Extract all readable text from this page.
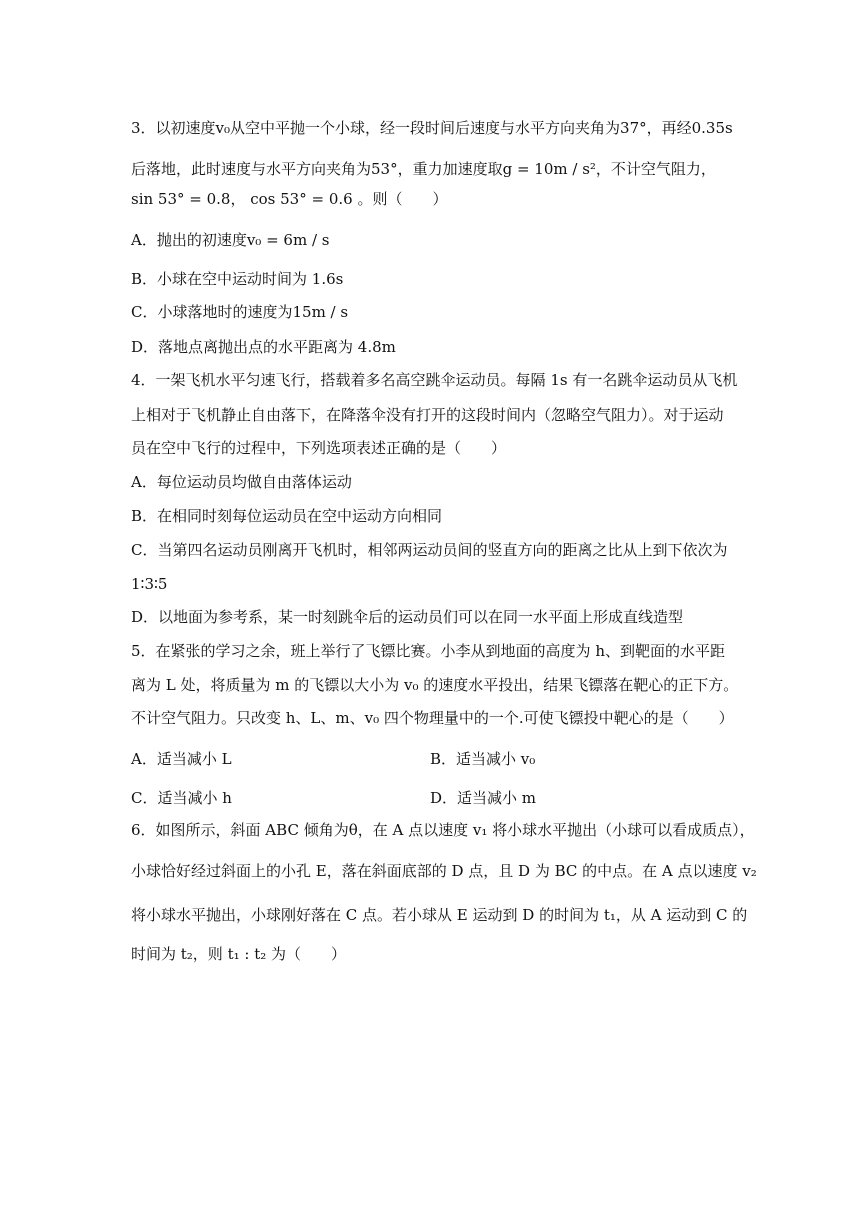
3．以初速度v₀从空中平抛一个小球，经一段时间后速度与水平方向夹角为37°，再经0.35s
后落地，此时速度与水平方向夹角为53°，重力加速度取g = 10m / s²，不计空气阻力，
sin 53° = 0.8， cos 53° = 0.6 。则（　　）
A．抛出的初速度v₀ = 6m / s
B．小球在空中运动时间为 1.6s
C．小球落地时的速度为15m / s
D．落地点离抛出点的水平距离为 4.8m
4．一架飞机水平匀速飞行，搭载着多名高空跳伞运动员。每隔 1s 有一名跳伞运动员从飞机
上相对于飞机静止自由落下，在降落伞没有打开的这段时间内（忽略空气阻力）。对于运动
员在空中飞行的过程中，下列选项表述正确的是（　　）
A．每位运动员均做自由落体运动
B．在相同时刻每位运动员在空中运动方向相同
C．当第四名运动员刚离开飞机时，相邻两运动员间的竖直方向的距离之比从上到下依次为
1∶3∶5
D．以地面为参考系，某一时刻跳伞后的运动员们可以在同一水平面上形成直线造型
5．在紧张的学习之余，班上举行了飞镖比赛。小李从到地面的高度为 h、到靶面的水平距
离为 L 处，将质量为 m 的飞镖以大小为 v₀ 的速度水平投出，结果飞镖落在靶心的正下方。
不计空气阻力。只改变 h、L、m、v₀ 四个物理量中的一个.可使飞镖投中靶心的是（　　）
A．适当减小 L	B．适当减小 v₀
C．适当减小 h	D．适当减小 m
6．如图所示，斜面 ABC 倾角为θ，在 A 点以速度 v₁ 将小球水平抛出（小球可以看成质点），
小球恰好经过斜面上的小孔 E，落在斜面底部的 D 点，且 D 为 BC 的中点。在 A 点以速度 v₂
将小球水平抛出，小球刚好落在 C 点。若小球从 E 运动到 D 的时间为 t₁，从 A 运动到 C 的
时间为 t₂，则 t₁ : t₂ 为（　　）
